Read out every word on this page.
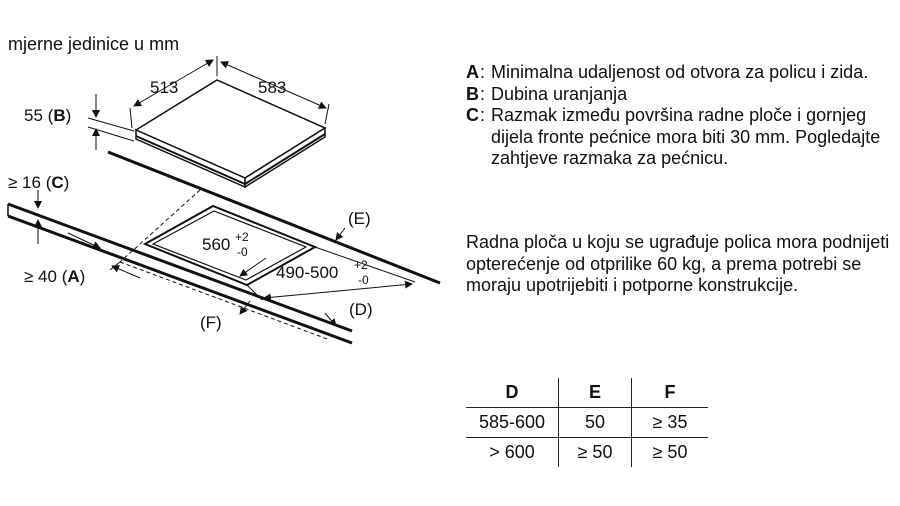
mjerne jedinice u mm
513	583
55 (B)
≥ 16 (C)
≥ 40 (A)
(E)
(D)
(F)
560 +2
-0
490-500 +2
-0
A : Minimalna udaljenost od otvora za policu i zida.
B : Dubina uranjanja
C : Razmak između površina radne ploče i gornjeg dijela fronte pećnice mora biti 30 mm. Pogledajte zahtjeve razmaka za pećnicu.

Radna ploča u koju se ugrađuje polica mora podnijeti opterećenje od otprilike 60 kg, a prema potrebi se moraju upotrijebiti i potporne konstrukcije.

D	E	F
585-600	50	≥ 35
> 600	≥ 50	≥ 50
